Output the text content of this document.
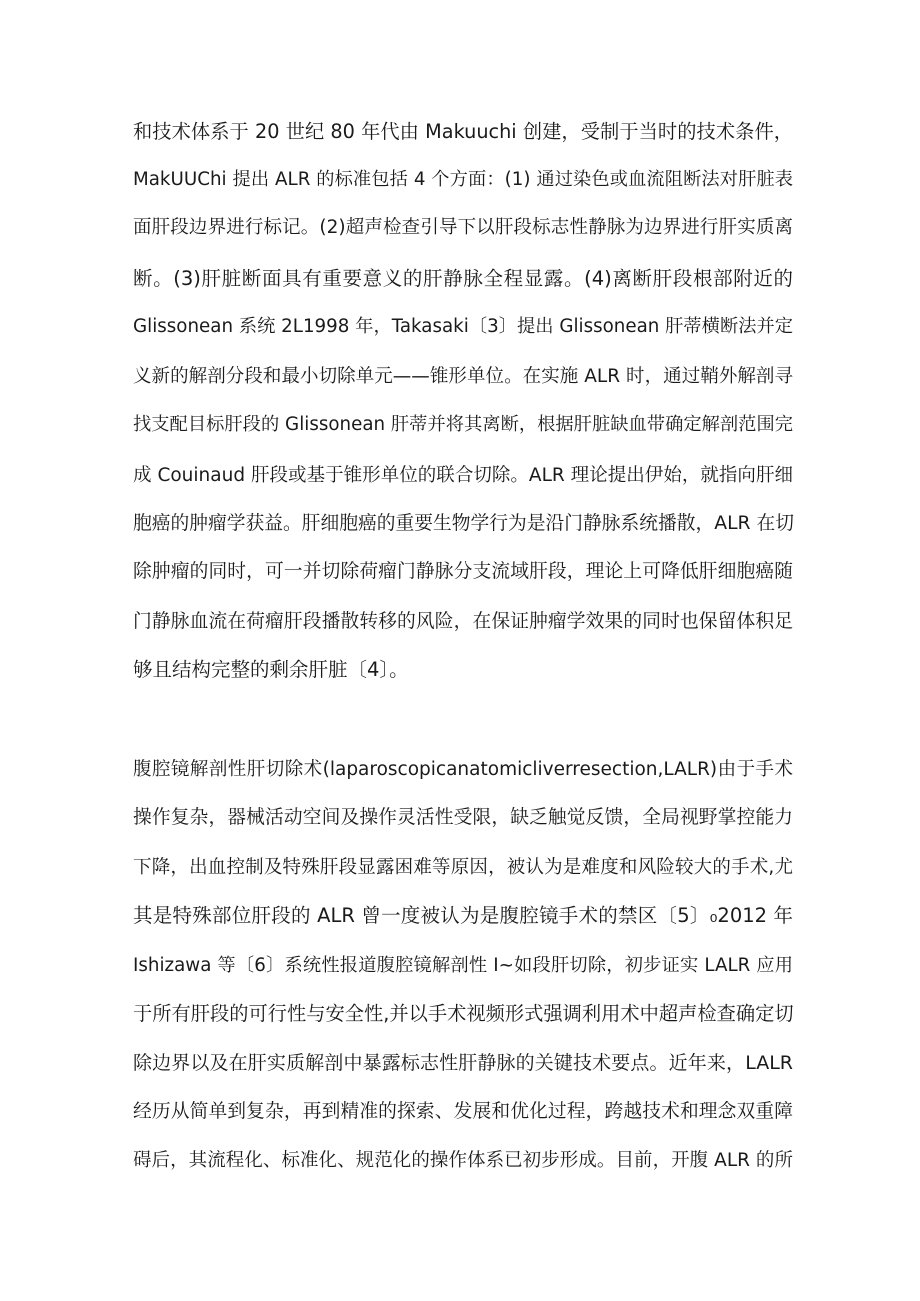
和技术体系于 20 世纪 80 年代由 Makuuchi 创建，受制于当时的技术条件，
MakUUChi 提出 ALR 的标准包括 4 个方面：(1) 通过染色或血流阻断法对肝脏表
面肝段边界进行标记。(2)超声检查引导下以肝段标志性静脉为边界进行肝实质离
断。(3)肝脏断面具有重要意义的肝静脉全程显露。(4)离断肝段根部附近的
Glissonean 系统 2L1998 年，Takasaki〔3〕提出 Glissonean 肝蒂横断法并定
义新的解剖分段和最小切除单元——锥形单位。在实施 ALR 时，通过鞘外解剖寻
找支配目标肝段的 Glissonean 肝蒂并将其离断，根据肝脏缺血带确定解剖范围完
成 Couinaud 肝段或基于锥形单位的联合切除。ALR 理论提出伊始，就指向肝细
胞癌的肿瘤学获益。肝细胞癌的重要生物学行为是沿门静脉系统播散，ALR 在切
除肿瘤的同时，可一并切除荷瘤门静脉分支流域肝段，理论上可降低肝细胞癌随
门静脉血流在荷瘤肝段播散转移的风险，在保证肿瘤学效果的同时也保留体积足
够且结构完整的剩余肝脏〔4〕。
腹腔镜解剖性肝切除术(laparoscopicanatomicliverresection,LALR)由于手术
操作复杂，器械活动空间及操作灵活性受限，缺乏触觉反馈，全局视野掌控能力
下降，出血控制及特殊肝段显露困难等原因，被认为是难度和风险较大的手术,尤
其是特殊部位肝段的 ALR 曾一度被认为是腹腔镜手术的禁区〔5〕₀2012 年
Ishizawa 等〔6〕系统性报道腹腔镜解剖性 I~如段肝切除，初步证实 LALR 应用
于所有肝段的可行性与安全性,并以手术视频形式强调利用术中超声检查确定切
除边界以及在肝实质解剖中暴露标志性肝静脉的关键技术要点。近年来，LALR
经历从简单到复杂，再到精准的探索、发展和优化过程，跨越技术和理念双重障
碍后，其流程化、标准化、规范化的操作体系已初步形成。目前，开腹 ALR 的所
